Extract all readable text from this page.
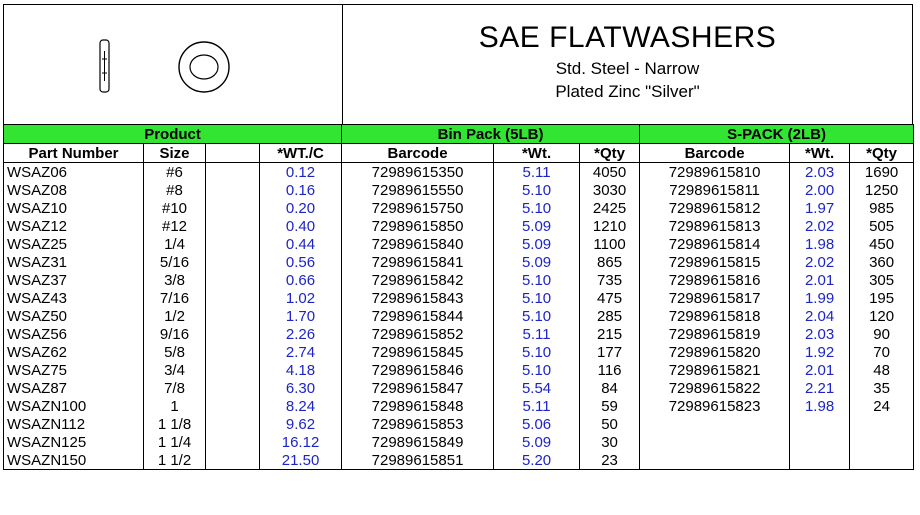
SAE FLATWASHERS
Std. Steel - Narrow
Plated Zinc "Silver"
Product				Bin Pack (5LB)			S-PACK (2LB)		
Part Number	Size		*WT./C	Barcode	*Wt.	*Qty	Barcode	*Wt.	*Qty
WSAZ06	#6		0.12	72989615350	5.11	4050	72989615810	2.03	1690
WSAZ08	#8		0.16	72989615550	5.10	3030	72989615811	2.00	1250
WSAZ10	#10		0.20	72989615750	5.10	2425	72989615812	1.97	985
WSAZ12	#12		0.40	72989615850	5.09	1210	72989615813	2.02	505
WSAZ25	1/4		0.44	72989615840	5.09	1100	72989615814	1.98	450
WSAZ31	5/16		0.56	72989615841	5.09	865	72989615815	2.02	360
WSAZ37	3/8		0.66	72989615842	5.10	735	72989615816	2.01	305
WSAZ43	7/16		1.02	72989615843	5.10	475	72989615817	1.99	195
WSAZ50	1/2		1.70	72989615844	5.10	285	72989615818	2.04	120
WSAZ56	9/16		2.26	72989615852	5.11	215	72989615819	2.03	90
WSAZ62	5/8		2.74	72989615845	5.10	177	72989615820	1.92	70
WSAZ75	3/4		4.18	72989615846	5.10	116	72989615821	2.01	48
WSAZ87	7/8		6.30	72989615847	5.54	84	72989615822	2.21	35
WSAZN100	1		8.24	72989615848	5.11	59	72989615823	1.98	24
WSAZN112	1 1/8		9.62	72989615853	5.06	50			
WSAZN125	1 1/4		16.12	72989615849	5.09	30			
WSAZN150	1 1/2		21.50	72989615851	5.20	23			
